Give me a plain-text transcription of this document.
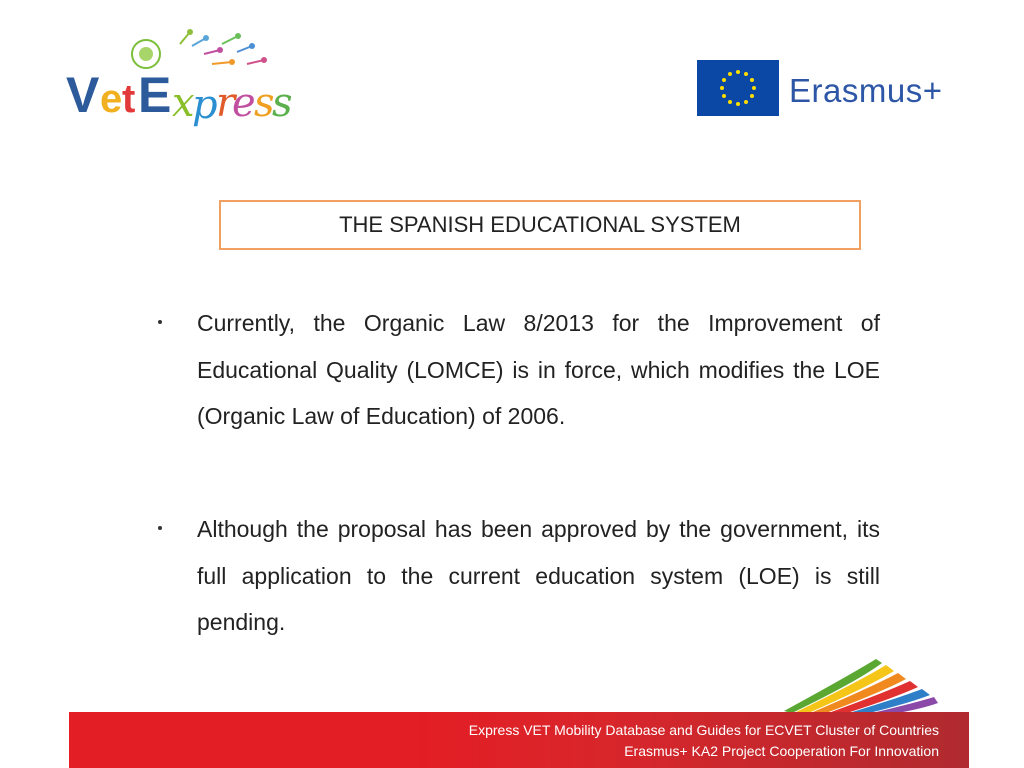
V e t E x
p
r
e
s
s	Erasmus+
THE SPANISH EDUCATIONAL SYSTEM
Currently, the Organic Law 8/2013 for the Improvement of Educational Quality (LOMCE) is in force, which modifies the LOE (Organic Law of Education) of 2006.
Although the proposal has been approved by the government, its full application to the current education system (LOE) is still pending.
Express VET Mobility Database and Guides for ECVET Cluster of Countries
Erasmus+ KA2 Project Cooperation For Innovation
